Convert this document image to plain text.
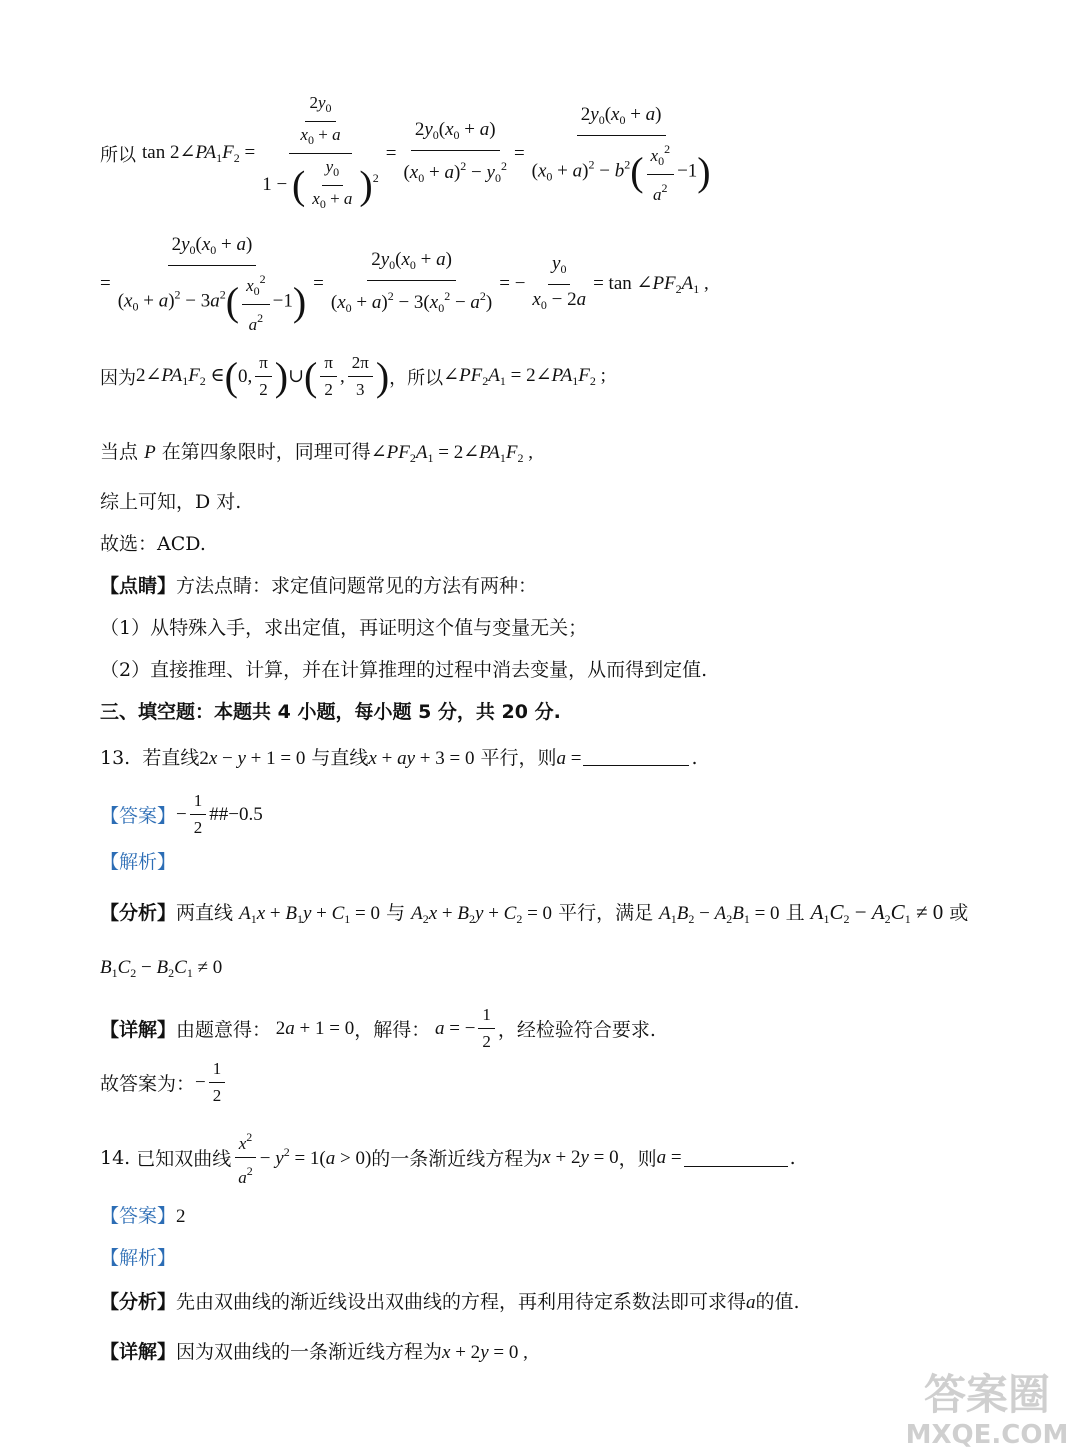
所以 $\tan 2\angle PA_1F_2 = \frac{\frac{2y_0}{x_0 + a}}{1 - ( \frac{y_0}{x_0 + a} )^2} = \frac{2y_0(x_0 + a)}{(x_0 + a)^2 - y_0^2} = \frac{2y_0(x_0 + a)}{(x_0 + a)^2 - b^2( \frac{x_0^2}{a^2} -1)}$
= $\frac{2y_0(x_0 + a)}{(x_0 + a)^2 - 3a^2( \frac{x_0^2}{a^2} -1)} = \frac{2y_0(x_0 + a)}{(x_0 + a)^2 - 3(x_0^2 - a^2)}$ = − $\frac{y_0}{x_0 - 2a} = \tan$ $\angle PF_2A_1$ ,
因为 $2\angle PA_1F_2$ ∈ ( 0, $\frac{\pi}{2}$ ) ∪ ( $\frac{\pi}{2}$ , $\frac{2\pi}{3}$ ) ，所以 $\angle PF_2A_1$ = $2\angle PA_1F_2$ ;
当点 P 在第四象限时，同理可得$\angle PF_2A_1$ = $2\angle PA_1F_2$ ,
综上可知，D 对.
故选：ACD.
【点睛】方法点睛：求定值问题常见的方法有两种：
（1）从特殊入手，求出定值，再证明这个值与变量无关；
（2）直接推理、计算，并在计算推理的过程中消去变量，从而得到定值.
三、填空题：本题共 4 小题，每小题 5 分，共 20 分.
13. 若直线2x − y + 1 = 0 与直线x + ay + 3 = 0 平行，则a =	.
【答案】 − $\frac{1}{2}$ ##−0.5
【解析】
【分析】两直线 $A_1x + B_1y + C_1 = 0$ 与 $A_2x + B_2y + C_2 = 0$ 平行，满足 $A_1B_2 - A_2B_1 = 0$ 且 $A_1C_2 - A_2C_1 \ne 0$ 或
$B_1C_2 - B_2C_1 \ne 0$
【详解】 由题意得： 2a + 1 = 0 ，解得： a = − $\frac{1}{2}$ ，经检验符合要求.
故答案为： − $\frac{1}{2}$
14.
已知双曲线 $\frac{x^2}{a^2} - y^2 = 1(a > 0)$ 的一条渐近线方程为 x + 2y = 0 ，则 a =	.
【答案】2
【解析】
【分析】先由双曲线的渐近线设出双曲线的方程，再利用待定系数法即可求得a的值.
【详解】因为双曲线的一条渐近线方程为x + 2y = 0 ,
答案圈
MXQE.COM
